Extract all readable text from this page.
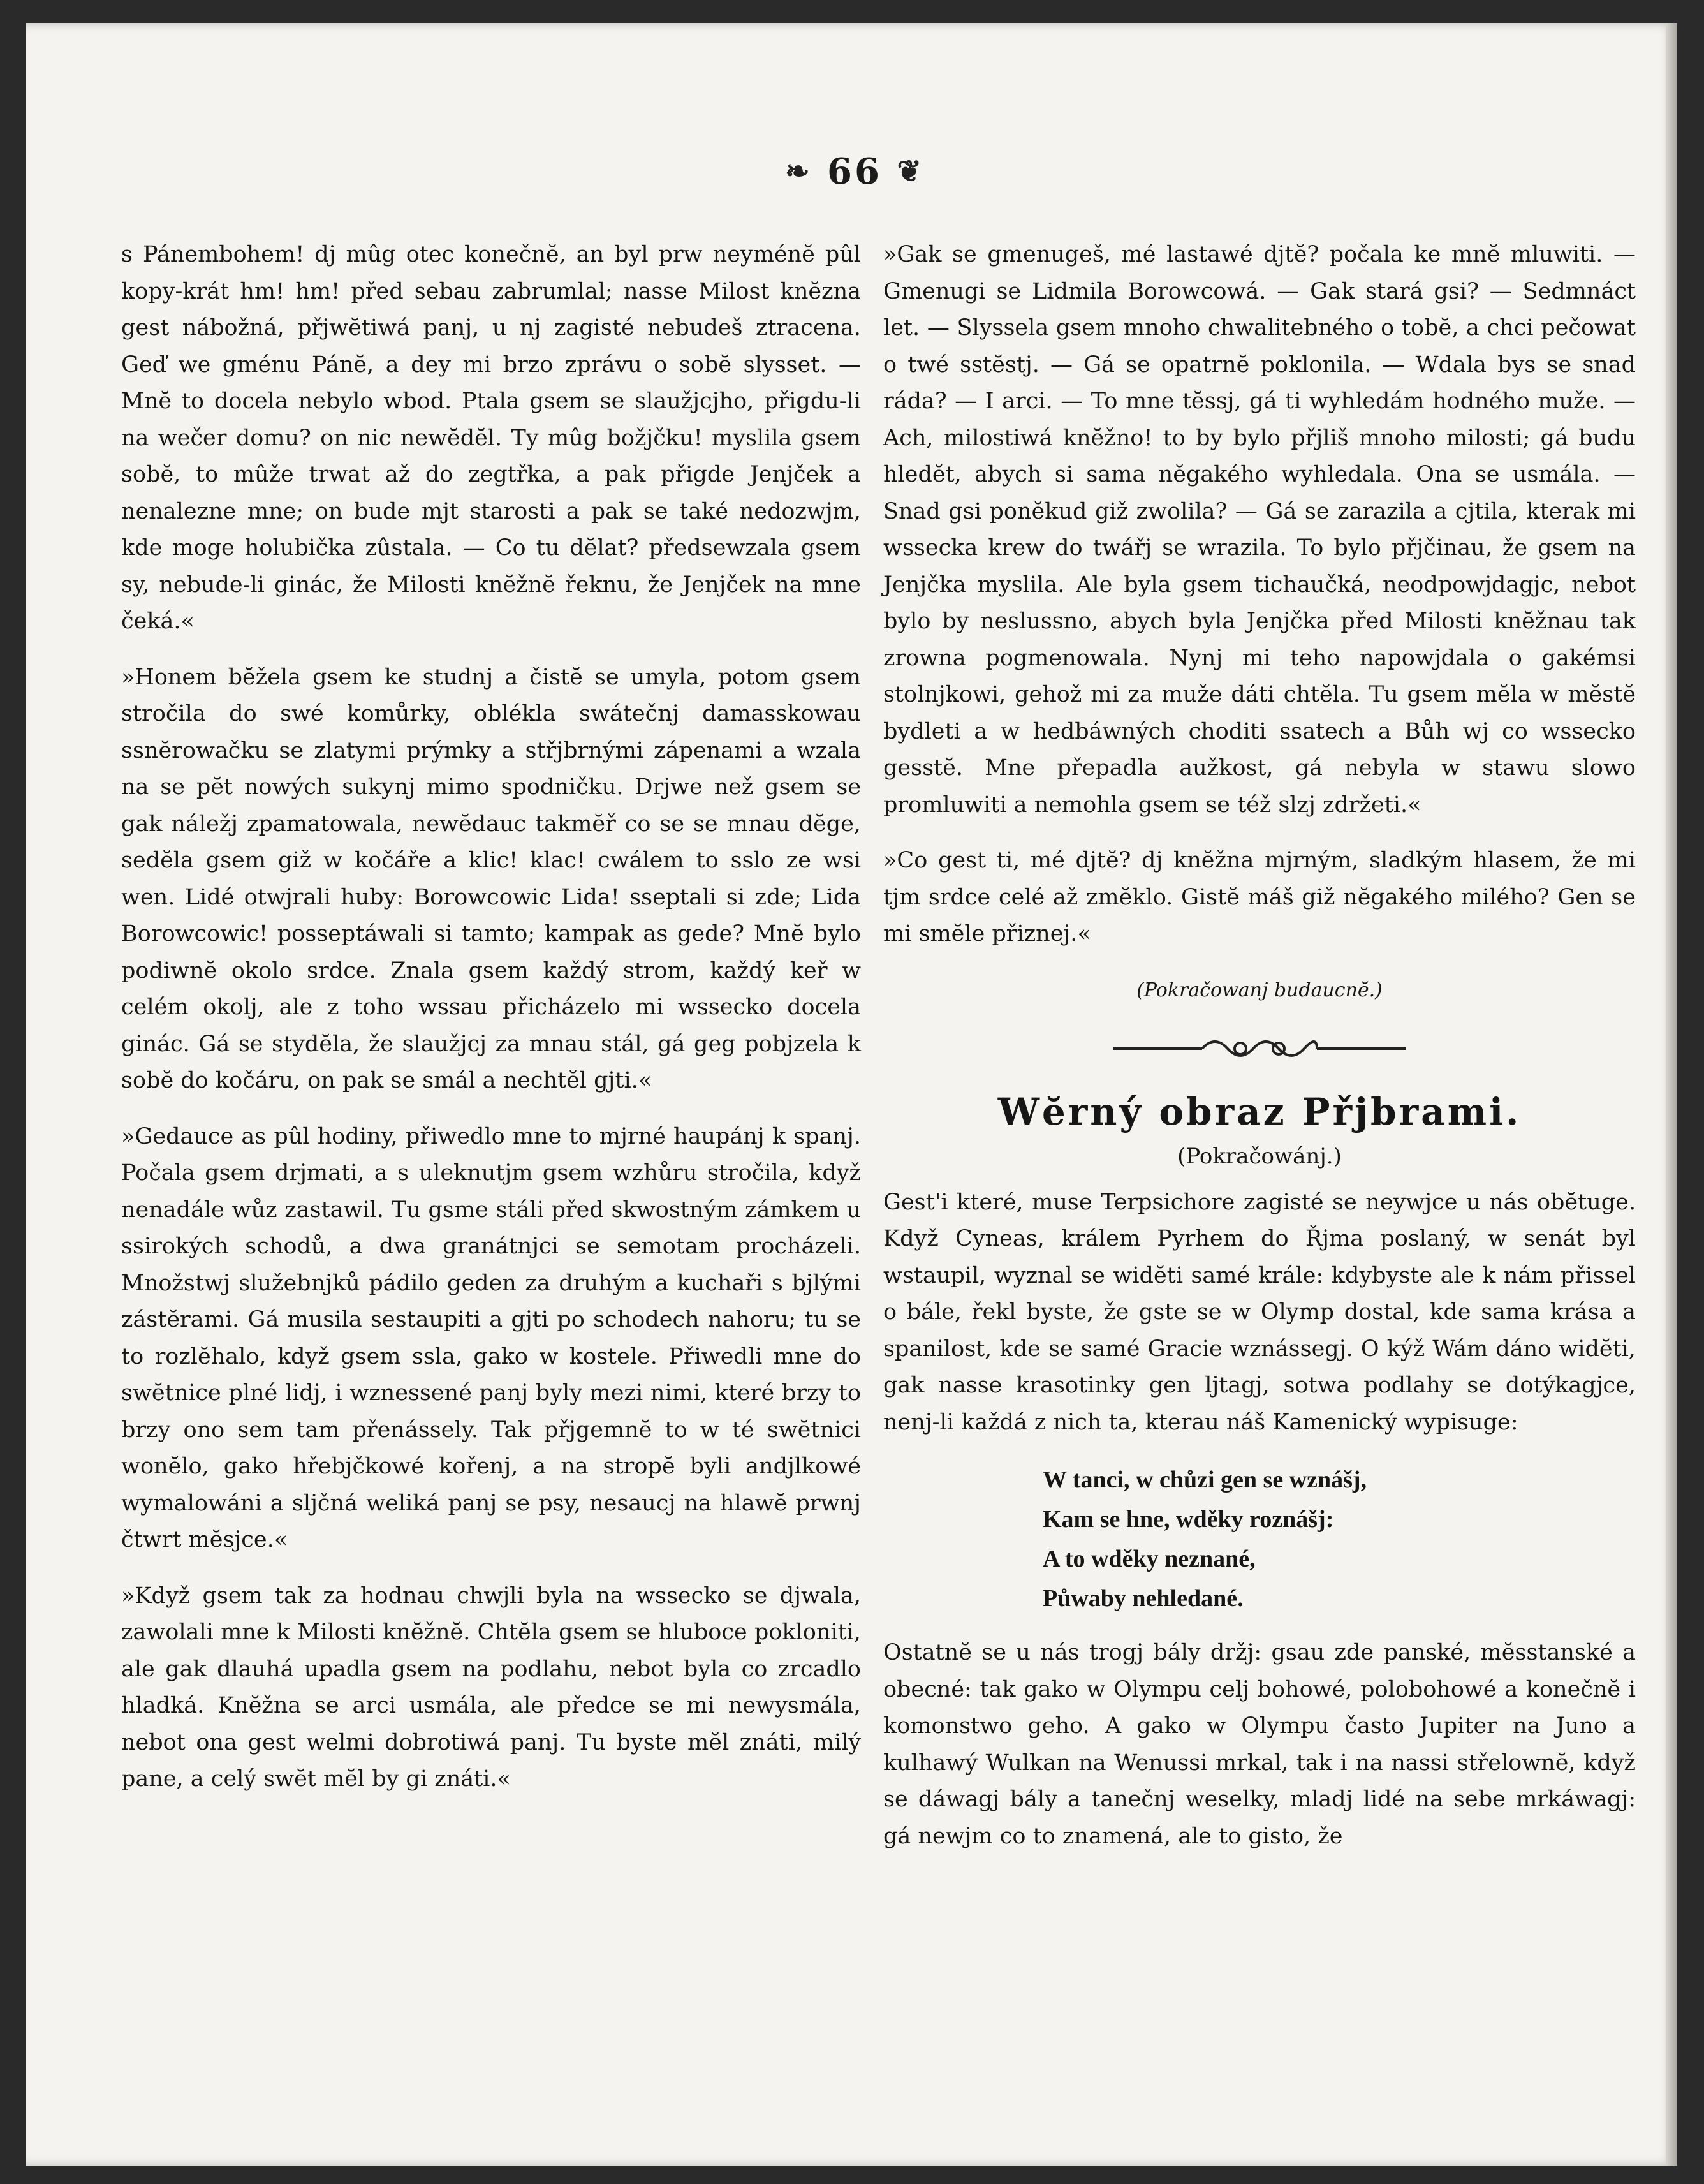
❧ 66 ❦

s Pánembohem! dj mûg otec konečnĕ, an byl prw neyménĕ pûl kopy-krát hm! hm! před sebau zabrumlal; nasse Milost knĕzna gest nábožná, přjwĕtiwá panj, u nj zagisté nebudeš ztracena. Geď we gménu Pánĕ, a dey mi brzo zprávu o sobĕ slysset. — Mnĕ to docela nebylo wbod. Ptala gsem se slaužjcjho, přigdu-li na wečer domu? on nic newĕdĕl. Ty mûg božjčku! myslila gsem sobĕ, to mûže trwat až do zegtřka, a pak přigde Jenjček a nenalezne mne; on bude mjt starosti a pak se také nedozwjm, kde moge holubička zûstala. — Co tu dĕlat? předsewzala gsem sy, nebude-li ginác, že Milosti knĕžnĕ řeknu, že Jenjček na mne čeká.«

»Honem bĕžela gsem ke studnj a čistĕ se umyla, potom gsem stročila do swé komůrky, oblékla swátečnj damasskowau ssnĕrowačku se zlatymi prýmky a střjbrnými zápenami a wzala na se pĕt nowých sukynj mimo spodničku. Drjwe než gsem se gak náležj zpamatowala, newĕdauc takmĕř co se se mnau dĕge, sedĕla gsem giž w kočáře a klic! klac! cwálem to sslo ze wsi wen. Lidé otwjrali huby: Borowcowic Lida! sseptali si zde; Lida Borowcowic! posseptáwali si tamto; kampak as gede? Mnĕ bylo podiwnĕ okolo srdce. Znala gsem každý strom, každý keř w celém okolj, ale z toho wssau přicházelo mi wssecko docela ginác. Gá se stydĕla, že slaužjcj za mnau stál, gá geg pobjzela k sobĕ do kočáru, on pak se smál a nechtĕl gjti.«

»Gedauce as pûl hodiny, přiwedlo mne to mjrné haupánj k spanj. Počala gsem drjmati, a s uleknutjm gsem wzhůru stročila, když nenadále wůz zastawil. Tu gsme stáli před skwostným zámkem u ssirokých schodů, a dwa granátnjci se semotam procházeli. Množstwj služebnjků pádilo geden za druhým a kuchaři s bjlými zástĕrami. Gá musila sestaupiti a gjti po schodech nahoru; tu se to rozlĕhalo, když gsem ssla, gako w kostele. Přiwedli mne do swĕtnice plné lidj, i wznessené panj byly mezi nimi, které brzy to brzy ono sem tam přenássely. Tak přjgemnĕ to w té swĕtnici wonĕlo, gako hřebjčkowé kořenj, a na stropĕ byli andjlkowé wymalowáni a sljčná weliká panj se psy, nesaucj na hlawĕ prwnj čtwrt mĕsjce.«

»Když gsem tak za hodnau chwjli byla na wssecko se djwala, zawolali mne k Milosti knĕžnĕ. Chtĕla gsem se hluboce pokloniti, ale gak dlauhá upadla gsem na podlahu, nebot byla co zrcadlo hladká. Knĕžna se arci usmála, ale předce se mi newysmála, nebot ona gest welmi dobrotiwá panj. Tu byste mĕl znáti, milý pane, a celý swĕt mĕl by gi znáti.«

»Gak se gmenugeš, mé lastawé djtĕ? počala ke mnĕ mluwiti. — Gmenugi se Lidmila Borowcowá. — Gak stará gsi? — Sedmnáct let. — Slyssela gsem mnoho chwalitebného o tobĕ, a chci pečowat o twé sstĕstj. — Gá se opatrnĕ poklonila. — Wdala bys se snad ráda? — I arci. — To mne tĕssj, gá ti wyhledám hodného muže. — Ach, milostiwá knĕžno! to by bylo přjliš mnoho milosti; gá budu hledĕt, abych si sama nĕgakého wyhledala. Ona se usmála. — Snad gsi ponĕkud giž zwolila? — Gá se zarazila a cjtila, kterak mi wssecka krew do twářj se wrazila. To bylo přjčinau, že gsem na Jenjčka myslila. Ale byla gsem tichaučká, neodpowjdagjc, nebot bylo by neslussno, abych byla Jenjčka před Milosti knĕžnau tak zrowna pogmenowala. Nynj mi teho napowjdala o gakémsi stolnjkowi, gehož mi za muže dáti chtĕla. Tu gsem mĕla w mĕstĕ bydleti a w hedbáwných choditi ssatech a Bůh wj co wssecko gesstĕ. Mne přepadla aužkost, gá nebyla w stawu slowo promluwiti a nemohla gsem se též slzj zdržeti.«

»Co gest ti, mé djtĕ? dj knĕžna mjrným, sladkým hlasem, že mi tjm srdce celé až zmĕklo. Gistĕ máš giž nĕgakého milého? Gen se mi smĕle přiznej.«

(Pokračowanj budaucnĕ.)
Wĕrný obraz Přjbrami.
(Pokračowánj.)

Gest'i které, muse Terpsichore zagisté se neywjce u nás obĕtuge. Když Cyneas, králem Pyrhem do Řjma poslaný, w senát byl wstaupil, wyznal se widĕti samé krále: kdybyste ale k nám přissel o bále, řekl byste, že gste se w Olymp dostal, kde sama krása a spanilost, kde se samé Gracie wznássegj. O kýž Wám dáno widĕti, gak nasse krasotinky gen ljtagj, sotwa podlahy se dotýkagjce, nenj-li každá z nich ta, kterau náš Kamenický wypisuge:

W tanci, w chůzi gen se wznášj,
Kam se hne, wděky roznášj:
A to wděky neznané,
Půwaby nehledané.

Ostatnĕ se u nás trogj bály držj: gsau zde panské, mĕsstanské a obecné: tak gako w Olympu celj bohowé, polobohowé a konečnĕ i komonstwo geho. A gako w Olympu často Jupiter na Juno a kulhawý Wulkan na Wenussi mrkal, tak i na nassi střelownĕ, když se dáwagj bály a tanečnj weselky, mladj lidé na sebe mrkáwagj: gá newjm co to znamená, ale to gisto, že
